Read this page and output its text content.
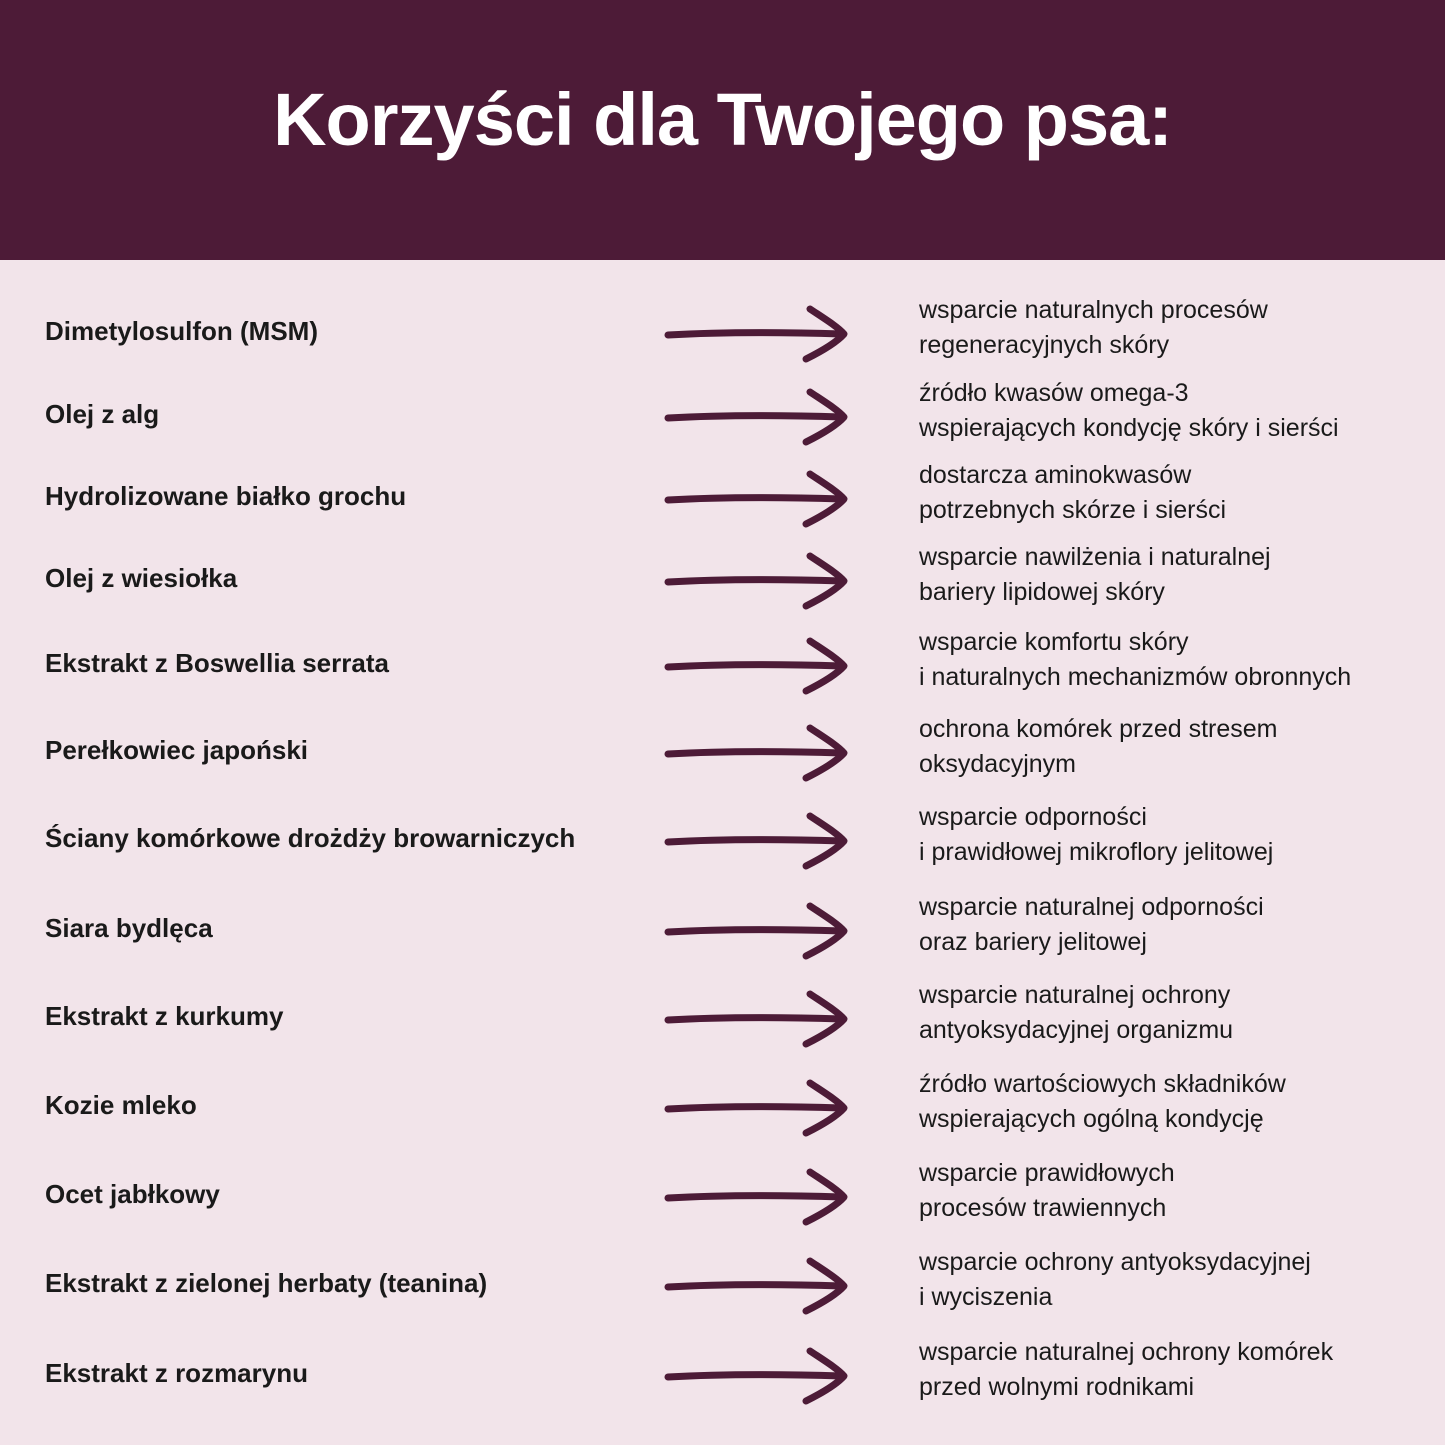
Korzyści dla Twojego psa:
Dimetylosulfon (MSM)
wsparcie naturalnych procesów
regeneracyjnych skóry
Olej z alg
źródło kwasów omega-3
wspierających kondycję skóry i sierści
Hydrolizowane białko grochu
dostarcza aminokwasów
potrzebnych skórze i sierści
Olej z wiesiołka
wsparcie nawilżenia i naturalnej
bariery lipidowej skóry
Ekstrakt z Boswellia serrata
wsparcie komfortu skóry
i naturalnych mechanizmów obronnych
Perełkowiec japoński
ochrona komórek przed stresem
oksydacyjnym
Ściany komórkowe drożdży browarniczych
wsparcie odporności
i prawidłowej mikroflory jelitowej
Siara bydlęca
wsparcie naturalnej odporności
oraz bariery jelitowej
Ekstrakt z kurkumy
wsparcie naturalnej ochrony
antyoksydacyjnej organizmu
Kozie mleko
źródło wartościowych składników
wspierających ogólną kondycję
Ocet jabłkowy
wsparcie prawidłowych
procesów trawiennych
Ekstrakt z zielonej herbaty (teanina)
wsparcie ochrony antyoksydacyjnej
i wyciszenia
Ekstrakt z rozmarynu
wsparcie naturalnej ochrony komórek
przed wolnymi rodnikami
